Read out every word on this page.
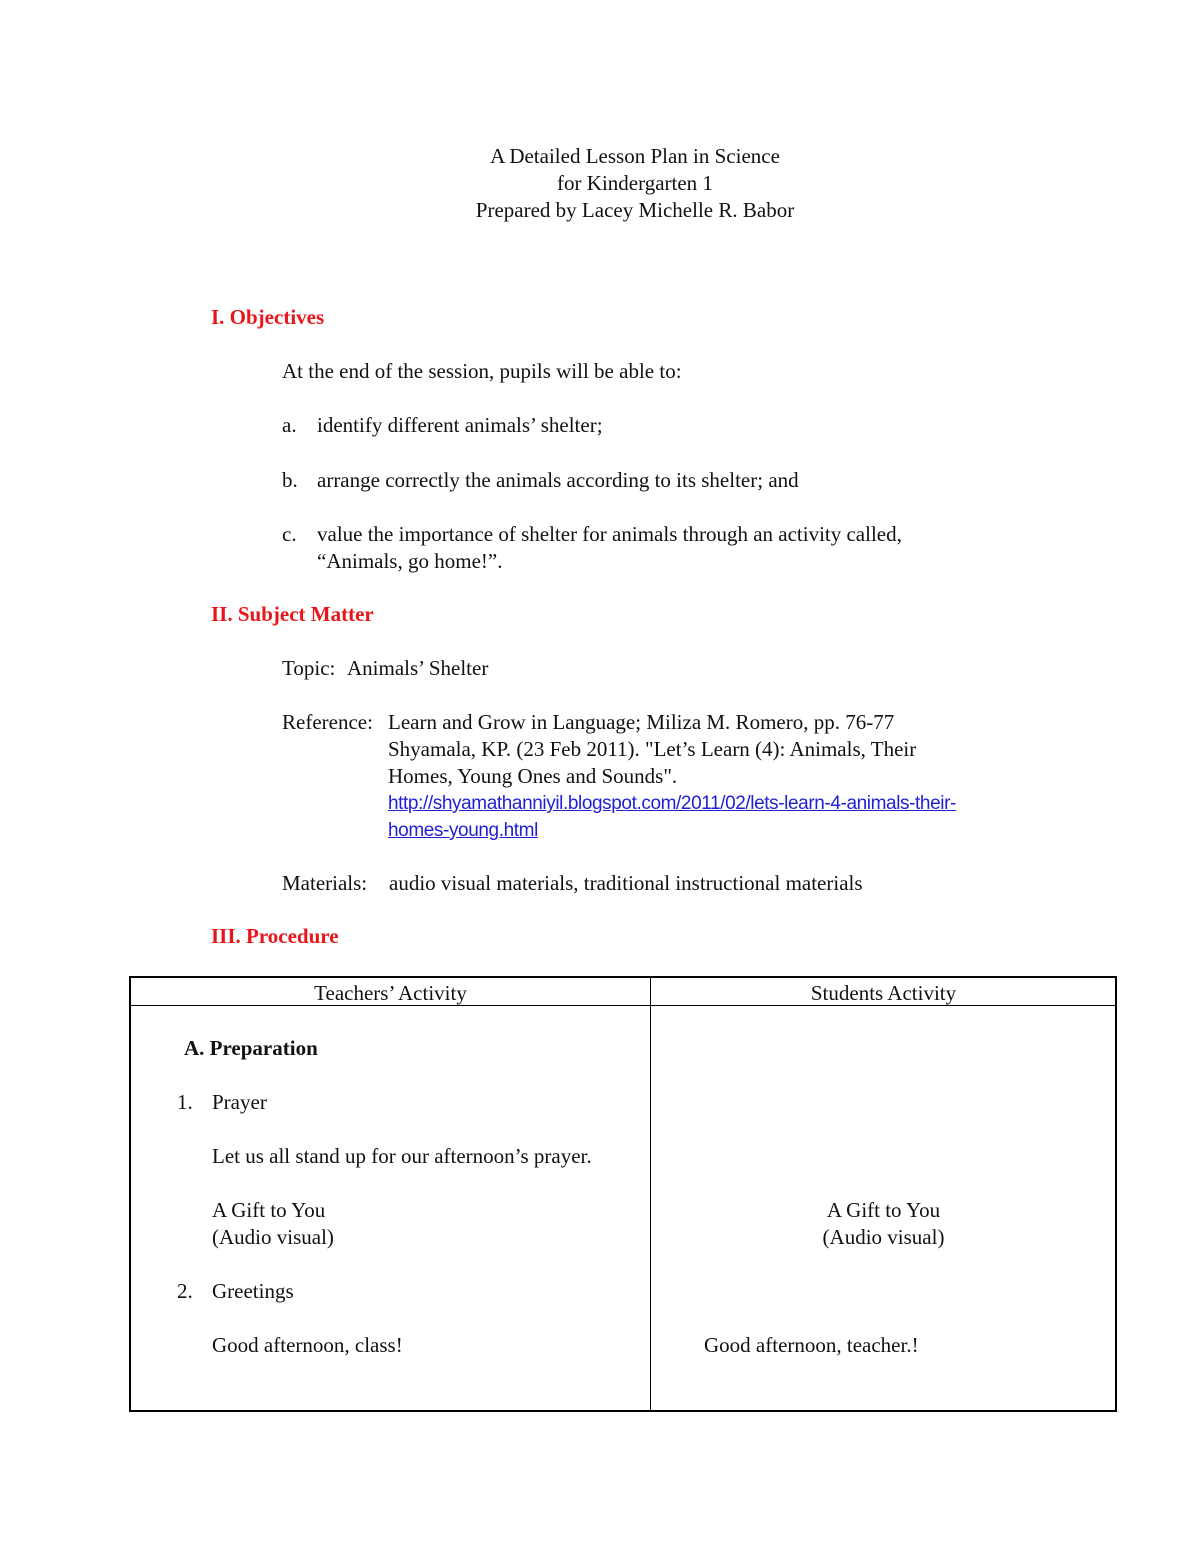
A Detailed Lesson Plan in Science
for Kindergarten 1
Prepared by Lacey Michelle R. Babor
I. Objectives
At the end of the session, pupils will be able to:
a. identify different animals’ shelter;
b. arrange correctly the animals according to its shelter; and
c. value the importance of shelter for animals through an activity called,
“Animals, go home!”.
II. Subject Matter
Topic: Animals’ Shelter
Reference: Learn and Grow in Language; Miliza M. Romero, pp. 76-77
Shyamala, KP. (23 Feb 2011). "Let’s Learn (4): Animals, Their
Homes, Young Ones and Sounds".
http://shyamathanniyil.blogspot.com/2011/02/lets-learn-4-animals-their-
homes-young.html
Materials: audio visual materials, traditional instructional materials
III. Procedure
Teachers’ Activity	Students Activity
A. Preparation
1. Prayer
Let us all stand up for our afternoon’s prayer.
A Gift to You
(Audio visual)
A Gift to You
(Audio visual)
2. Greetings
Good afternoon, class!	Good afternoon, teacher.!
